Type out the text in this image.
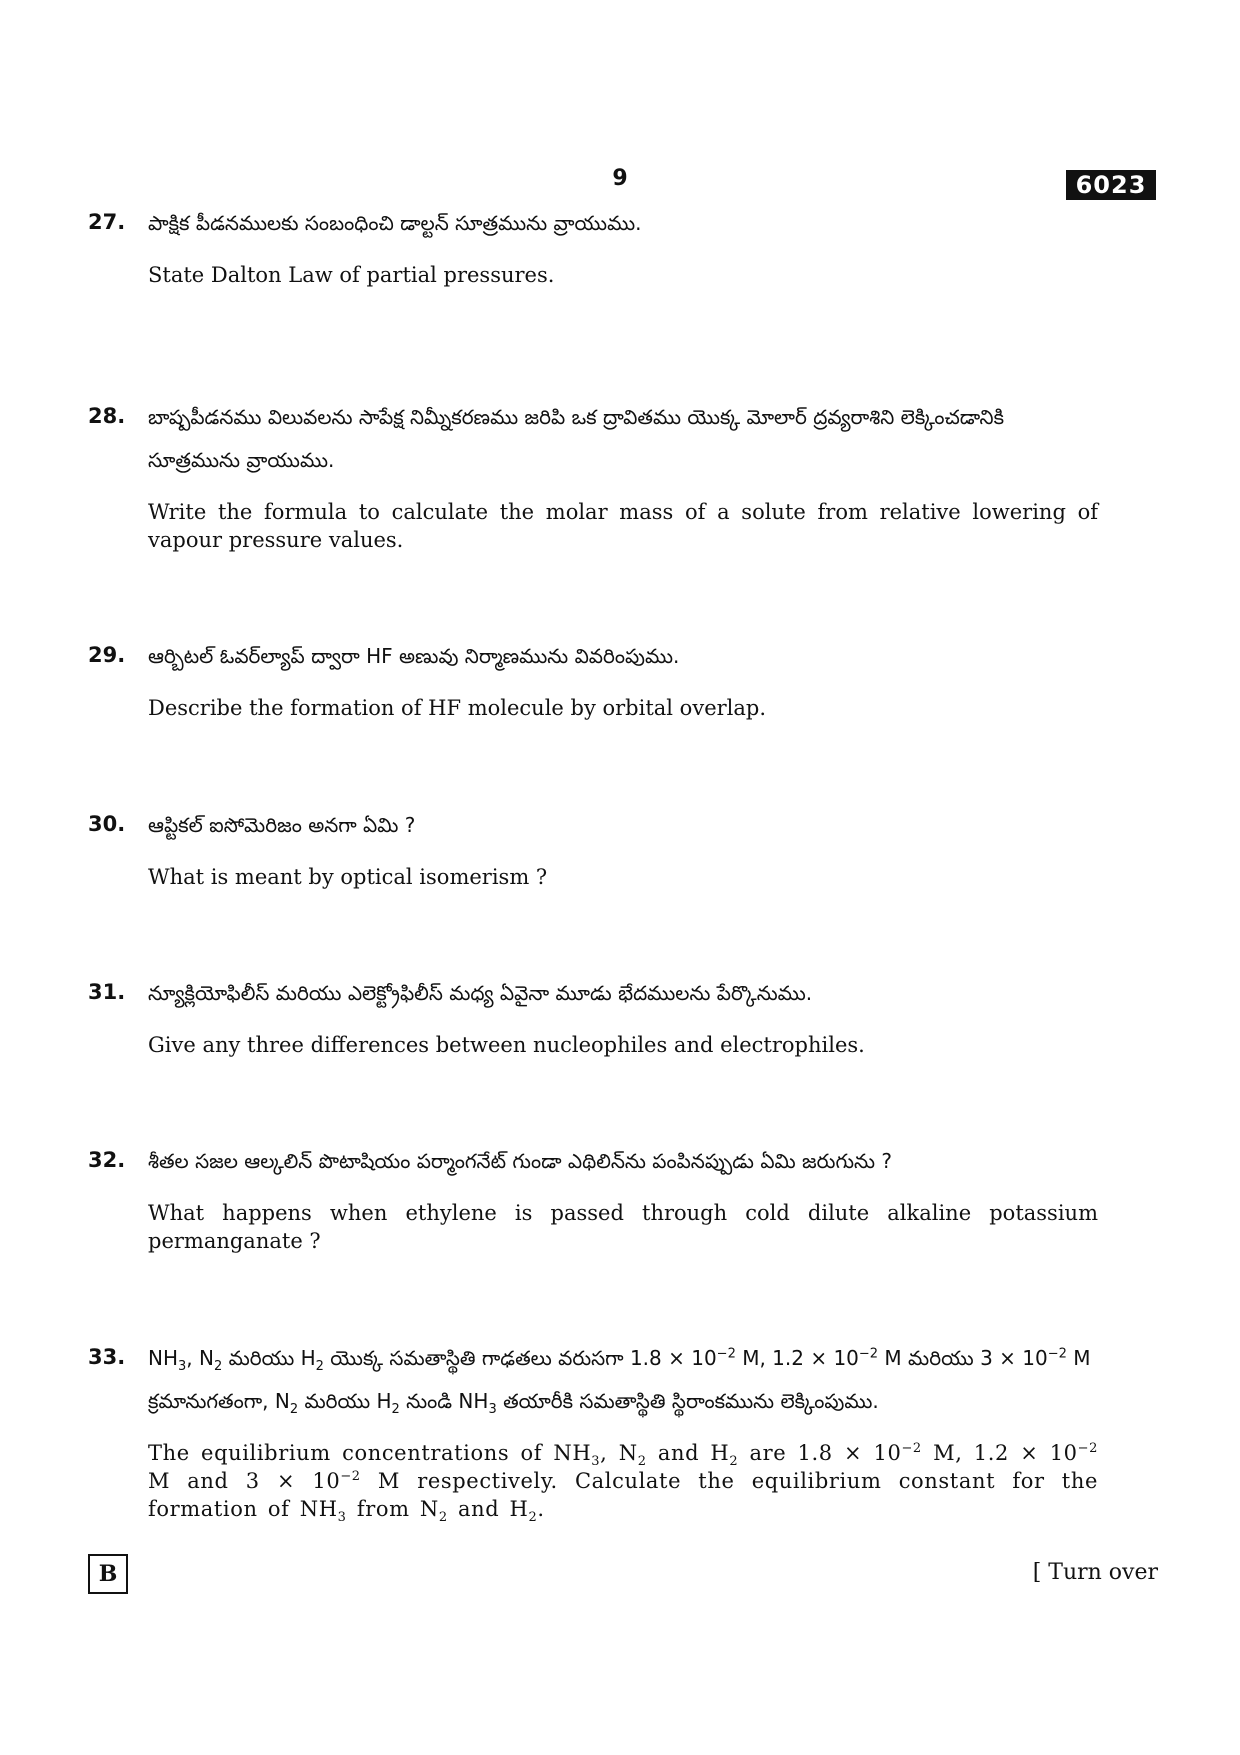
9	6023
27. పాక్షిక పీడనములకు సంబంధించి డాల్టన్ సూత్రమును వ్రాయుము.
State Dalton Law of partial pressures.
28. బాష్పపీడనము విలువలను సాపేక్ష నిమ్నీకరణము జరిపి ఒక ద్రావితము యొక్క మోలార్ ద్రవ్యరాశిని లెక్కించడానికి సూత్రమును వ్రాయుము.
Write the formula to calculate the molar mass of a solute from relative lowering of vapour pressure values.
29. ఆర్బిటల్ ఓవర్‌ల్యాప్ ద్వారా HF అణువు నిర్మాణమును వివరింపుము.
Describe the formation of HF molecule by orbital overlap.
30. ఆప్టికల్ ఐసోమెరిజం అనగా ఏమి ?
What is meant by optical isomerism ?
31. న్యూక్లియోఫిలీస్ మరియు ఎలెక్ట్రోఫిలీస్ మధ్య ఏవైనా మూడు భేదములను పేర్కొనుము.
Give any three differences between nucleophiles and electrophiles.
32. శీతల సజల ఆల్కలిన్ పొటాషియం పర్మాంగనేట్ గుండా ఎథిలిన్‌ను పంపినప్పుడు ఏమి జరుగును ?
What happens when ethylene is passed through cold dilute alkaline potassium permanganate ?
33. $NH_3$, $N_2$ మరియు $H_2$ యొక్క సమతాస్థితి గాఢతలు వరుసగా $1.8 \times 10^{-2}$ M, $1.2 \times 10^{-2}$ M మరియు $3 \times 10^{-2}$ M క్రమానుగతంగా, $N_2$ మరియు $H_2$ నుండి $NH_3$ తయారీకి సమతాస్థితి స్థిరాంకమును లెక్కింపుము.
The equilibrium concentrations of $NH_3$, $N_2$ and $H_2$ are $1.8 \times 10^{-2}$ M, $1.2 \times 10^{-2}$ M and $3 \times 10^{-2}$ M respectively. Calculate the equilibrium constant for the formation of $NH_3$ from $N_2$ and $H_2$.
B	[ Turn over
